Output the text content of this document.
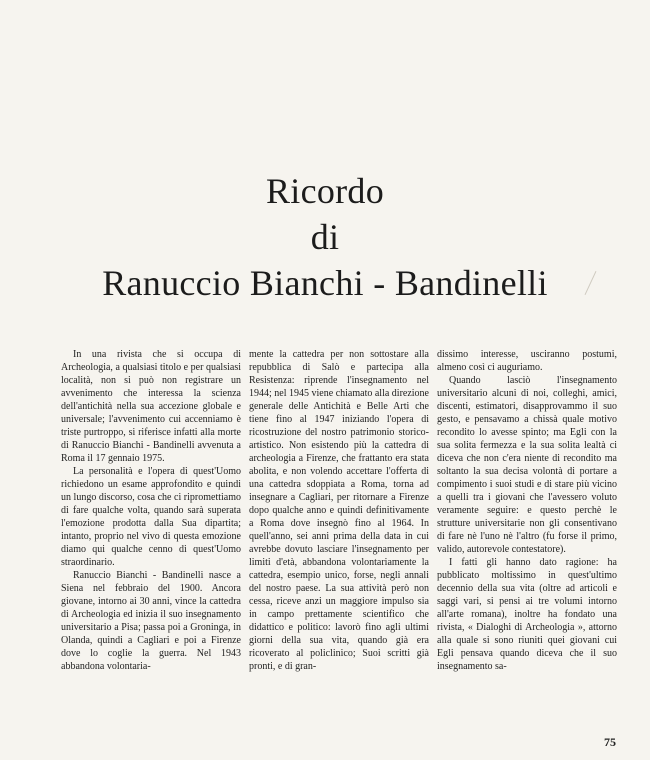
Ricordo
di
Ranuccio Bianchi - Bandinelli

In una rivista che si occupa di Archeologia, a qualsiasi titolo e per qualsiasi località, non si può non registrare un avvenimento che interessa la scienza dell'antichità nella sua accezione globale e universale; l'avvenimento cui accenniamo è triste purtroppo, si riferisce infatti alla morte di Ranuccio Bianchi - Bandinelli avvenuta a Roma il 17 gennaio 1975.

La personalità e l'opera di quest'Uomo richiedono un esame approfondito e quindi un lungo discorso, cosa che ci ripromettiamo di fare qualche volta, quando sarà superata l'emozione prodotta dalla Sua dipartita; intanto, proprio nel vivo di questa emozione diamo qui qualche cenno di quest'Uomo straordinario.

Ranuccio Bianchi - Bandinelli nasce a Siena nel febbraio del 1900. Ancora giovane, intorno ai 30 anni, vince la cattedra di Archeologia ed inizia il suo insegnamento universitario a Pisa; passa poi a Groninga, in Olanda, quindi a Cagliari e poi a Firenze dove lo coglie la guerra. Nel 1943 abbandona volontaria-

mente la cattedra per non sottostare alla repubblica di Salò e partecipa alla Resistenza: riprende l'insegnamento nel 1944; nel 1945 viene chiamato alla direzione generale delle Antichità e Belle Arti che tiene fino al 1947 iniziando l'opera di ricostruzione del nostro patrimonio storico-artistico. Non esistendo più la cattedra di archeologia a Firenze, che frattanto era stata abolita, e non volendo accettare l'offerta di una cattedra sdoppiata a Roma, torna ad insegnare a Cagliari, per ritornare a Firenze dopo qualche anno e quindi definitivamente a Roma dove insegnò fino al 1964. In quell'anno, sei anni prima della data in cui avrebbe dovuto lasciare l'insegnamento per limiti d'età, abbandona volontariamente la cattedra, esempio unico, forse, negli annali del nostro paese. La sua attività però non cessa, riceve anzi un maggiore impulso sia in campo prettamente scientifico che didattico e politico: lavorò fino agli ultimi giorni della sua vita, quando già era ricoverato al policlinico; Suoi scritti già pronti, e di gran-

dissimo interesse, usciranno postumi, almeno così ci auguriamo.

Quando lasciò l'insegnamento universitario alcuni di noi, colleghi, amici, discenti, estimatori, disapprovammo il suo gesto, e pensavamo a chissà quale motivo recondito lo avesse spinto; ma Egli con la sua solita fermezza e la sua solita lealtà ci diceva che non c'era niente di recondito ma soltanto la sua decisa volontà di portare a compimento i suoi studi e di stare più vicino a quelli tra i giovani che l'avessero voluto veramente seguire: e questo perchè le strutture universitarie non gli consentivano di fare nè l'uno nè l'altro (fu forse il primo, valido, autorevole contestatore).

I fatti gli hanno dato ragione: ha pubblicato moltissimo in quest'ultimo decennio della sua vita (oltre ad articoli e saggi vari, si pensi ai tre volumi intorno all'arte romana), inoltre ha fondato una rivista, « Dialoghi di Archeologia », attorno alla quale si sono riuniti quei giovani cui Egli pensava quando diceva che il suo insegnamento sa-

75
